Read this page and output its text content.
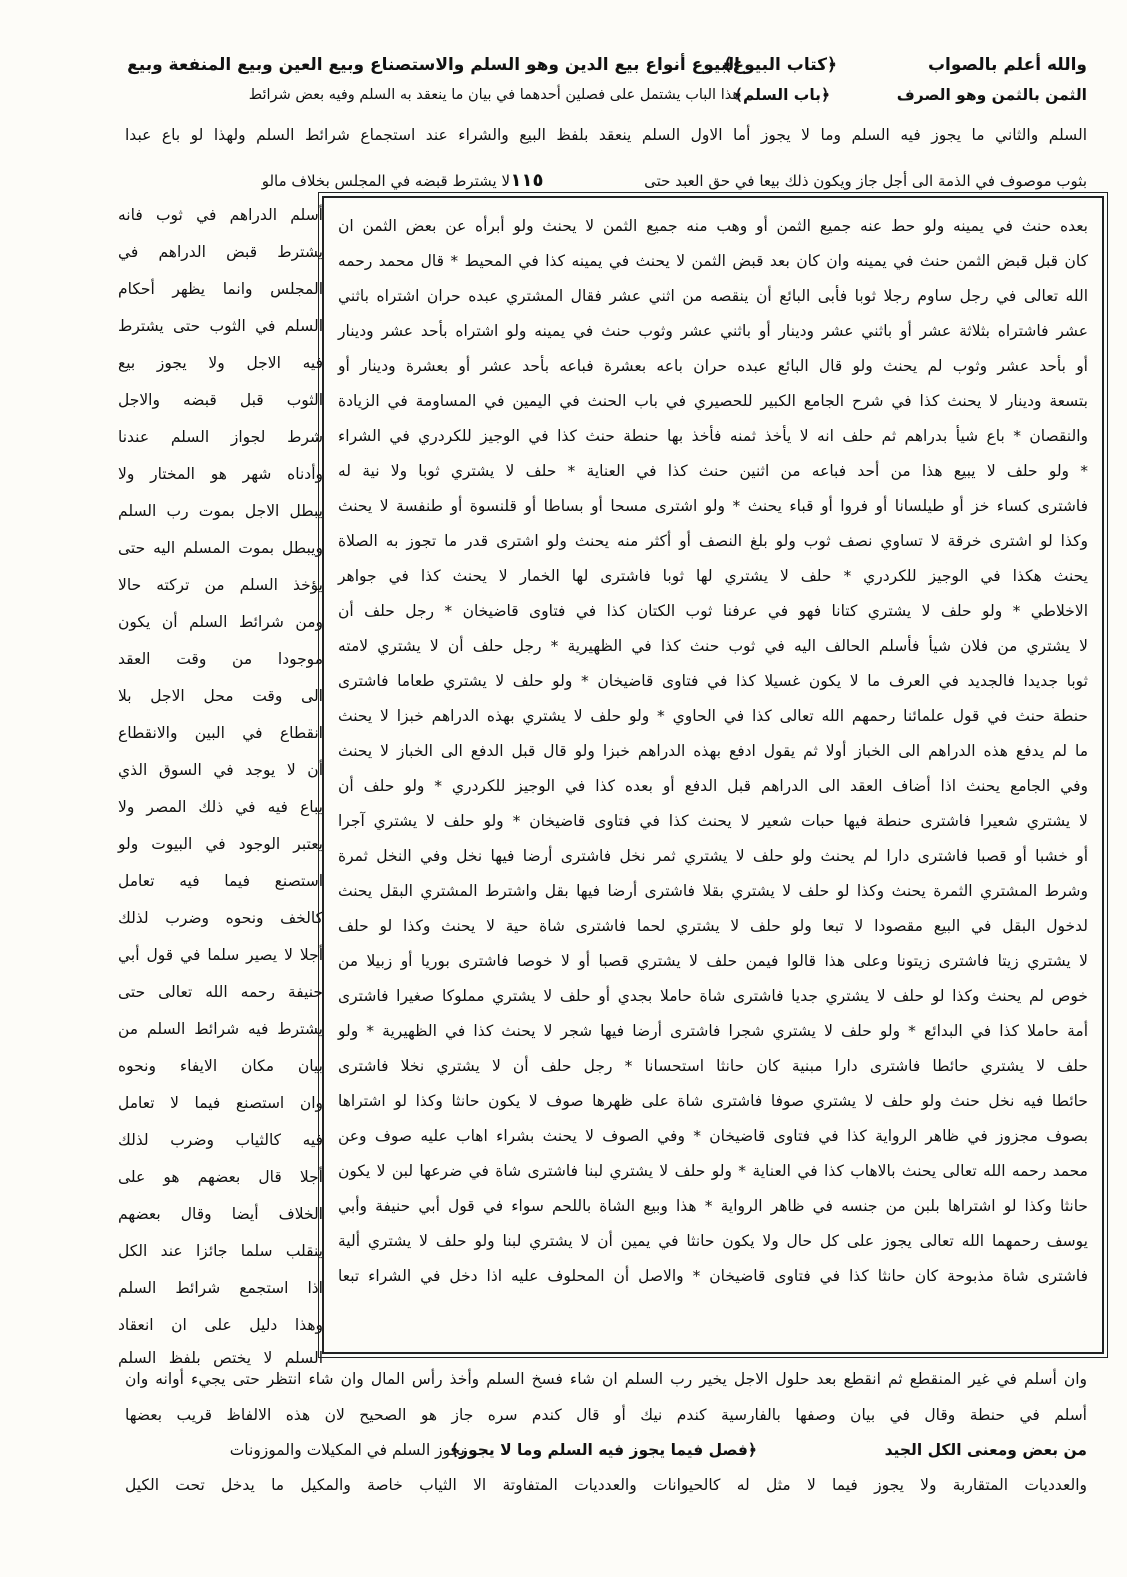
والله أعلم بالصواب
﴿كتاب البيوع﴾
البيوع أنواع بيع الدين وهو السلم والاستصناع وبيع العين وبيع المنفعة وبيع
الثمن بالثمن وهو الصرف
﴿باب السلم﴾
هذا الباب يشتمل على فصلين أحدهما في بيان ما ينعقد به السلم وفيه بعض شرائط
السلم والثاني ما يجوز فيه السلم وما لا يجوز أما الاول السلم ينعقد بلفظ البيع والشراء عند استجماع شرائط السلم ولهذا لو باع عبدا
بثوب موصوف في الذمة الى أجل جاز ويكون ذلك بيعا في حق العبد حتى
١١٥
لا يشترط قبضه في المجلس بخلاف مالو
أسلم الدراهم في ثوب فانه
يشترط قبض الدراهم في
المجلس وانما يظهر أحكام
السلم في الثوب حتى يشترط
فيه الاجل ولا يجوز بيع
الثوب قبل قبضه والاجل
شرط لجواز السلم عندنا
وأدناه شهر هو المختار ولا
يبطل الاجل بموت رب السلم
ويبطل بموت المسلم اليه حتى
يؤخذ السلم من تركته حالا
ومن شرائط السلم أن يكون
موجودا من وقت العقد
الى وقت محل الاجل بلا
انقطاع في البين والانقطاع
أن لا يوجد في السوق الذي
يباع فيه في ذلك المصر ولا
يعتبر الوجود في البيوت ولو
استصنع فيما فيه تعامل
كالخف ونحوه وضرب لذلك
أجلا لا يصير سلما في قول أبي
حنيفة رحمه الله تعالى حتى
يشترط فيه شرائط السلم من
بيان مكان الايفاء ونحوه
وان استصنع فيما لا تعامل
فيه كالثياب وضرب لذلك
أجلا قال بعضهم هو على
الخلاف أيضا وقال بعضهم
ينقلب سلما جائزا عند الكل
اذا استجمع شرائط السلم
وهذا دليل على ان انعقاد
السلم لا يختص بلفظ السلم
بعده حنث في يمينه ولو حط عنه جميع الثمن أو وهب منه جميع الثمن لا يحنث ولو أبرأه عن بعض الثمن ان
كان قبل قبض الثمن حنث في يمينه وان كان بعد قبض الثمن لا يحنث في يمينه كذا في المحيط * قال محمد رحمه
الله تعالى في رجل ساوم رجلا ثوبا فأبى البائع أن ينقصه من اثني عشر فقال المشتري عبده حران اشتراه باثني
عشر فاشتراه بثلاثة عشر أو باثني عشر ودينار أو باثني عشر وثوب حنث في يمينه ولو اشتراه بأحد عشر ودينار
أو بأحد عشر وثوب لم يحنث ولو قال البائع عبده حران باعه بعشرة فباعه بأحد عشر أو بعشرة ودينار أو
بتسعة ودينار لا يحنث كذا في شرح الجامع الكبير للحصيري في باب الحنث في اليمين في المساومة في الزيادة
والنقصان * باع شيأ بدراهم ثم حلف انه لا يأخذ ثمنه فأخذ بها حنطة حنث كذا في الوجيز للكردري في الشراء
* ولو حلف لا يبيع هذا من أحد فباعه من اثنين حنث كذا في العناية * حلف لا يشتري ثوبا ولا نية له
فاشترى كساء خز أو طيلسانا أو فروا أو قباء يحنث * ولو اشترى مسحا أو بساطا أو قلنسوة أو طنفسة لا يحنث
وكذا لو اشترى خرقة لا تساوي نصف ثوب ولو بلغ النصف أو أكثر منه يحنث ولو اشترى قدر ما تجوز به الصلاة
يحنث هكذا في الوجيز للكردري * حلف لا يشتري لها ثوبا فاشترى لها الخمار لا يحنث كذا في جواهر
الاخلاطي * ولو حلف لا يشتري كتانا فهو في عرفنا ثوب الكتان كذا في فتاوى قاضيخان * رجل حلف أن
لا يشتري من فلان شيأ فأسلم الحالف اليه في ثوب حنث كذا في الظهيرية * رجل حلف أن لا يشتري لامته
ثوبا جديدا فالجديد في العرف ما لا يكون غسيلا كذا في فتاوى قاضيخان * ولو حلف لا يشتري طعاما فاشترى
حنطة حنث في قول علمائنا رحمهم الله تعالى كذا في الحاوي * ولو حلف لا يشتري بهذه الدراهم خبزا لا يحنث
ما لم يدفع هذه الدراهم الى الخباز أولا ثم يقول ادفع بهذه الدراهم خبزا ولو قال قبل الدفع الى الخباز لا يحنث
وفي الجامع يحنث اذا أضاف العقد الى الدراهم قبل الدفع أو بعده كذا في الوجيز للكردري * ولو حلف أن
لا يشتري شعيرا فاشترى حنطة فيها حبات شعير لا يحنث كذا في فتاوى قاضيخان * ولو حلف لا يشتري آجرا
أو خشبا أو قصبا فاشترى دارا لم يحنث ولو حلف لا يشتري ثمر نخل فاشترى أرضا فيها نخل وفي النخل ثمرة
وشرط المشتري الثمرة يحنث وكذا لو حلف لا يشتري بقلا فاشترى أرضا فيها بقل واشترط المشتري البقل يحنث
لدخول البقل في البيع مقصودا لا تبعا ولو حلف لا يشتري لحما فاشترى شاة حية لا يحنث وكذا لو حلف
لا يشتري زيتا فاشترى زيتونا وعلى هذا قالوا فيمن حلف لا يشتري قصبا أو لا خوصا فاشترى بوريا أو زبيلا من
خوص لم يحنث وكذا لو حلف لا يشتري جديا فاشترى شاة حاملا بجدي أو حلف لا يشتري مملوكا صغيرا فاشترى
أمة حاملا كذا في البدائع * ولو حلف لا يشتري شجرا فاشترى أرضا فيها شجر لا يحنث كذا في الظهيرية * ولو
حلف لا يشتري حائطا فاشترى دارا مبنية كان حانثا استحسانا * رجل حلف أن لا يشتري نخلا فاشترى
حائطا فيه نخل حنث ولو حلف لا يشتري صوفا فاشترى شاة على ظهرها صوف لا يكون حانثا وكذا لو اشتراها
بصوف مجزوز في ظاهر الرواية كذا في فتاوى قاضيخان * وفي الصوف لا يحنث بشراء اهاب عليه صوف وعن
محمد رحمه الله تعالى يحنث بالاهاب كذا في العناية * ولو حلف لا يشتري لبنا فاشترى شاة في ضرعها لبن لا يكون
حانثا وكذا لو اشتراها بلبن من جنسه في ظاهر الرواية * هذا وبيع الشاة باللحم سواء في قول أبي حنيفة وأبي
يوسف رحمهما الله تعالى يجوز على كل حال ولا يكون حانثا في يمين أن لا يشتري لبنا ولو حلف لا يشتري ألية
فاشترى شاة مذبوحة كان حانثا كذا في فتاوى قاضيخان * والاصل أن المحلوف عليه اذا دخل في الشراء تبعا
وان أسلم في غير المنقطع ثم انقطع بعد حلول الاجل يخير رب السلم ان شاء فسخ السلم وأخذ رأس المال وان شاء انتظر حتى يجيء أوانه وان
أسلم في حنطة وقال في بيان وصفها بالفارسية كندم نيك أو قال كندم سره جاز هو الصحيح لان هذه الالفاظ قريب بعضها
من بعض ومعنى الكل الجيد
﴿فصل فيما يجوز فيه السلم وما لا يجوز﴾
يجوز السلم في المكيلات والموزونات
والعدديات المتقاربة ولا يجوز فيما لا مثل له كالحيوانات والعدديات المتفاوتة الا الثياب خاصة والمكيل ما يدخل تحت الكيل
